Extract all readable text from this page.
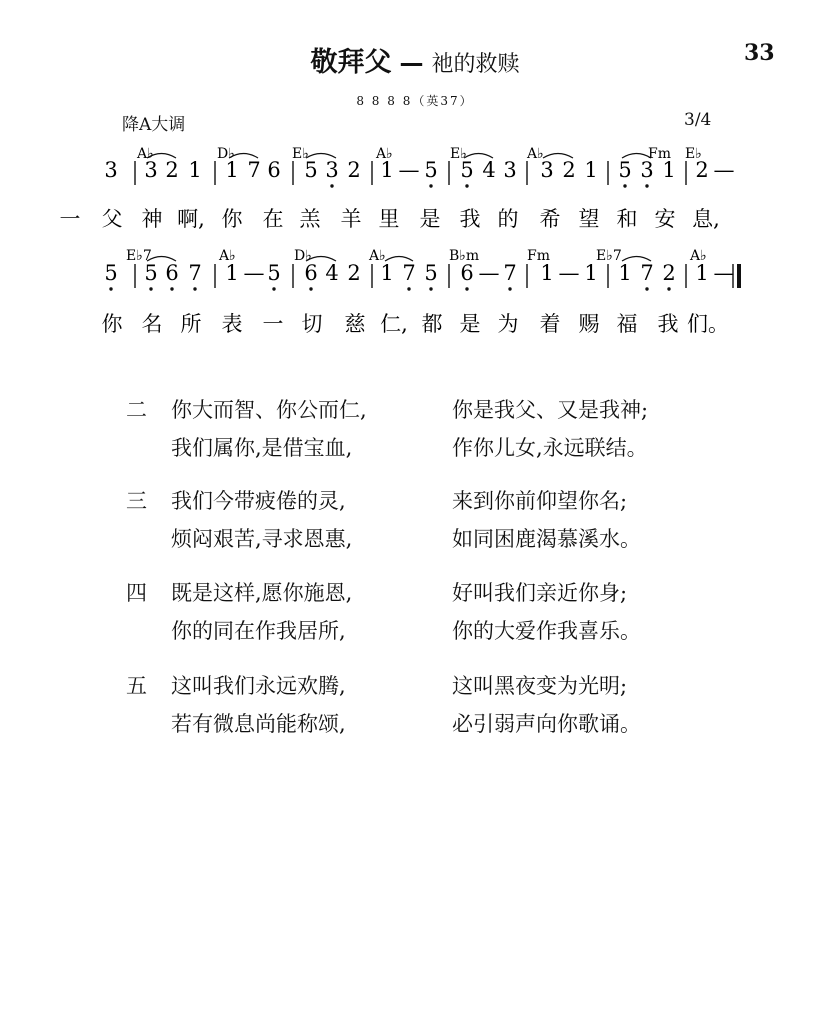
33
敬拜父 — 祂的救赎
8 8 8 8（英37）
降A大调	3/4
3 3 2 1 1 7 6 5 3 2 1 — 5 5 4 3 3 2 1 5 3 1 2 —
A♭	D♭	E♭	A♭	E♭	A♭	Fm E♭
一 父 神 啊, 你 在 羔 羊 里 是 我 的 希 望 和 安 息,
5 5 6 7 1 — 5 6 4 2 1 7 5 6 — 7 1 — 1 1 7 2 1 —
E♭7	A♭	D♭	A♭	B♭m	Fm	E♭7	A♭
你 名 所 表 一 切 慈 仁, 都 是 为 着 赐 福 我 们。
二 你大而智、你公而仁,	你是我父、又是我神;
我们属你,是借宝血,	作你儿女,永远联结。
三 我们今带疲倦的灵,	来到你前仰望你名;
烦闷艰苦,寻求恩惠,	如同困鹿渴慕溪水。
四 既是这样,愿你施恩,	好叫我们亲近你身;
你的同在作我居所,	你的大爱作我喜乐。
五 这叫我们永远欢腾,	这叫黑夜变为光明;
若有微息尚能称颂,	必引弱声向你歌诵。
